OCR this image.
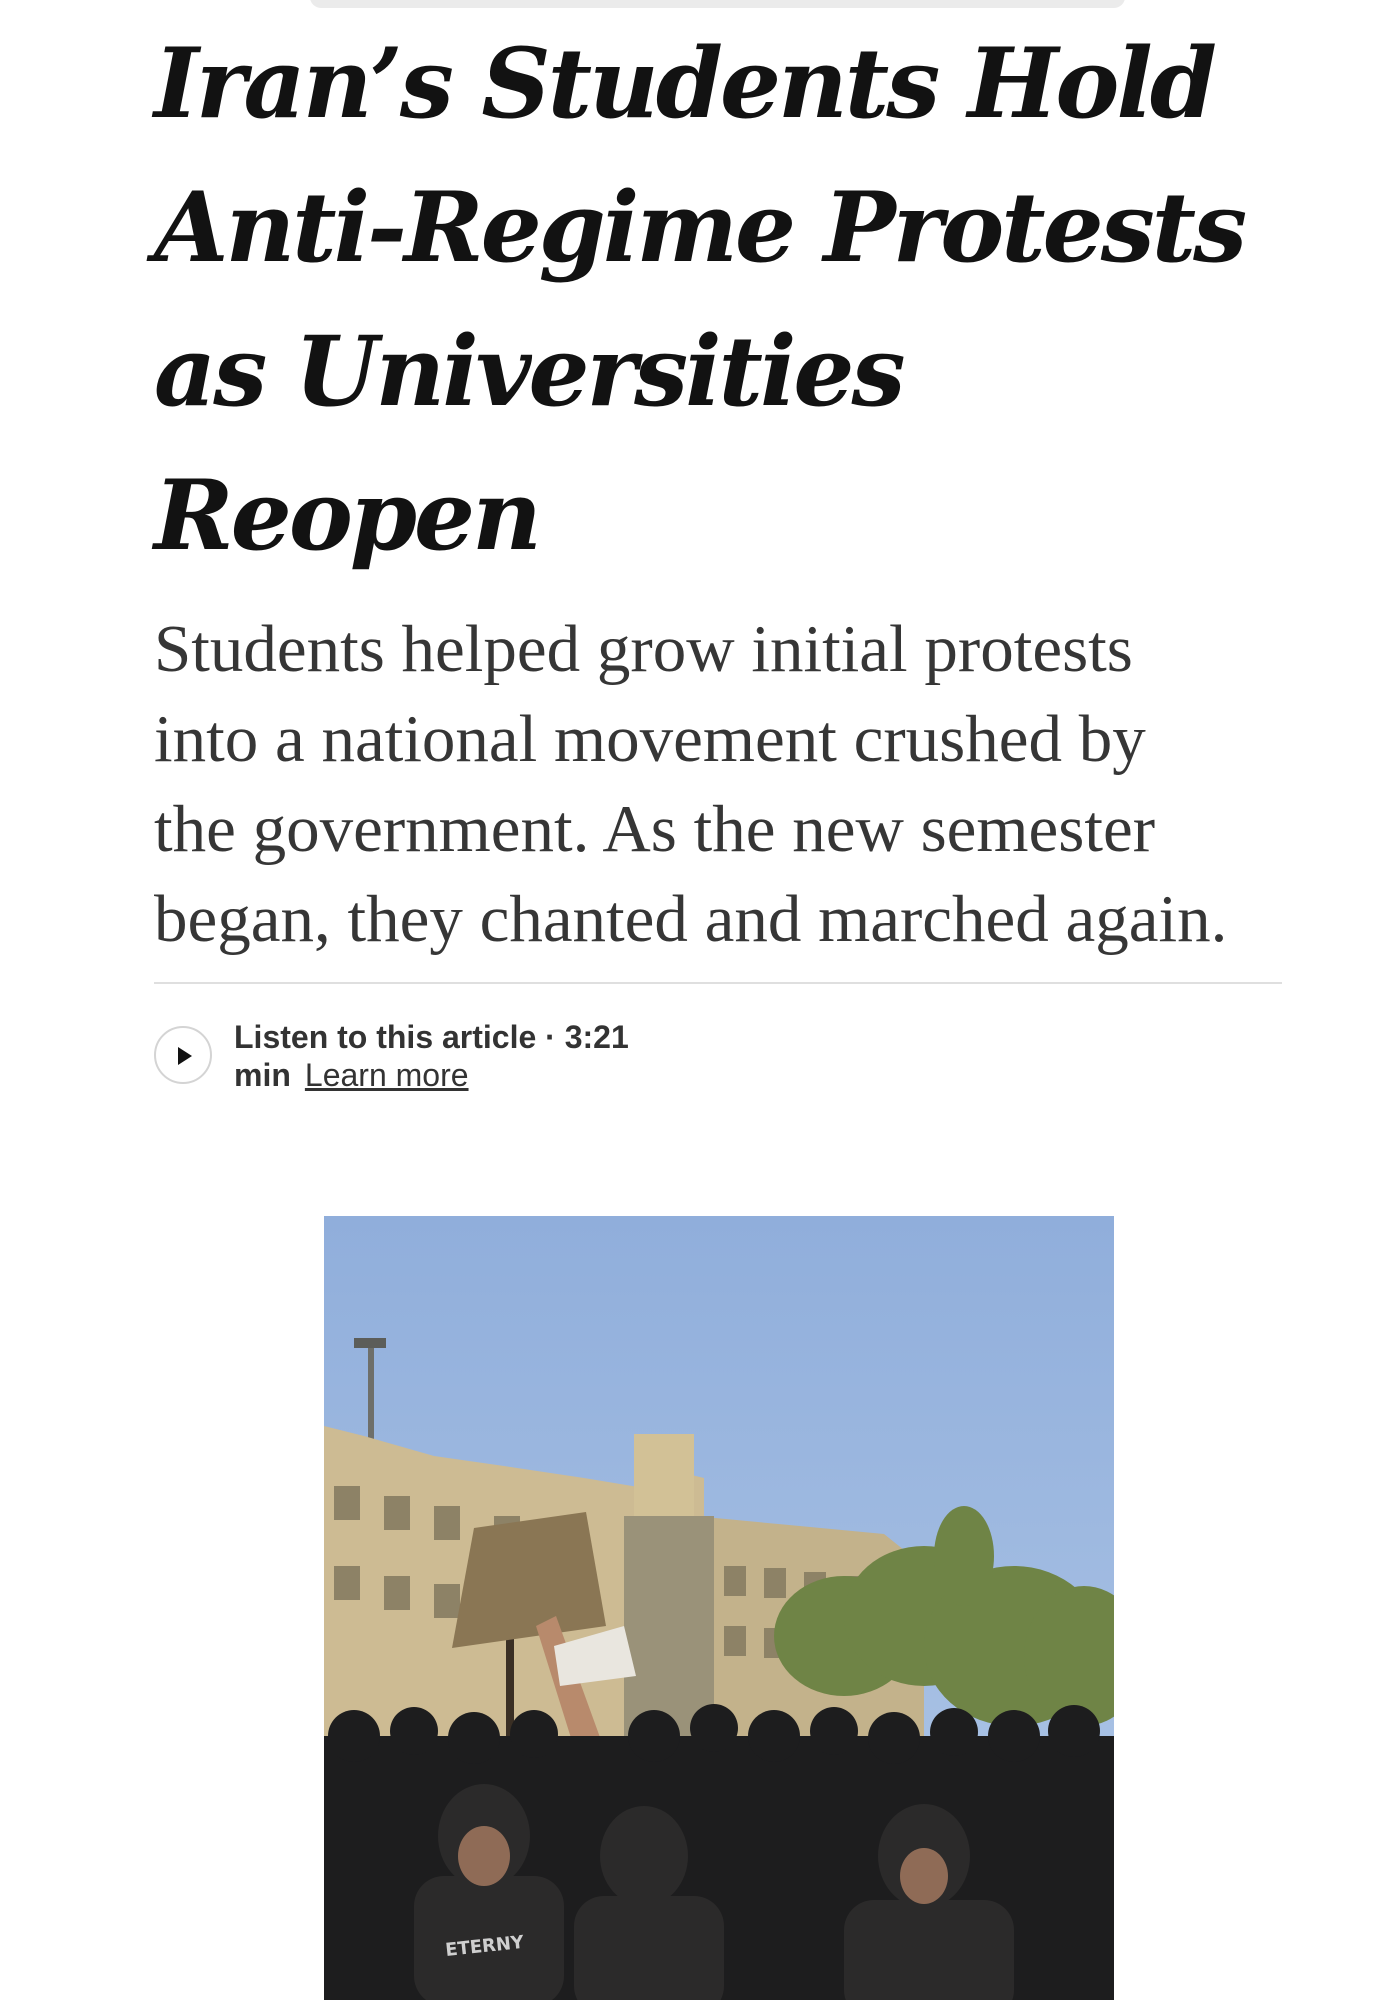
Iran’s Students Hold Anti-Regime Protests as Universities Reopen

Students helped grow initial protests into a national movement crushed by the government. As the new semester began, they chanted and marched again.

Listen to this article · 3:21 min Learn more
ETERNY
